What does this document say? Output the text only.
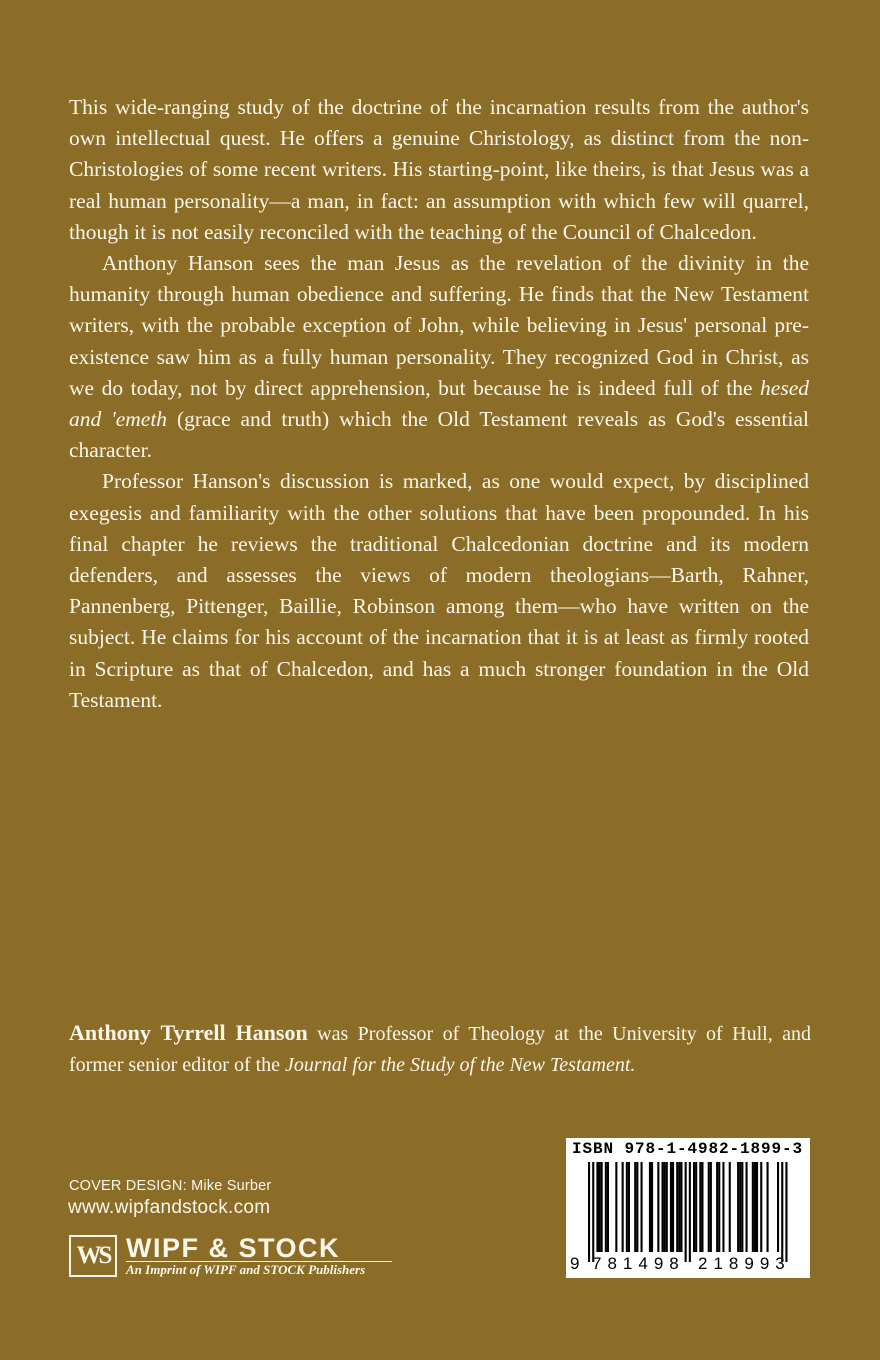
This wide-ranging study of the doctrine of the incarnation results from the author's own intellectual quest. He offers a genuine Christology, as distinct from the non-Christologies of some recent writers. His starting-point, like theirs, is that Jesus was a real human personality—a man, in fact: an assumption with which few will quarrel, though it is not easily reconciled with the teaching of the Council of Chalcedon.

Anthony Hanson sees the man Jesus as the revelation of the divinity in the humanity through human obedience and suffering. He finds that the New Testament writers, with the probable exception of John, while believing in Jesus' personal pre-existence saw him as a fully human personality. They recognized God in Christ, as we do today, not by direct apprehension, but because he is indeed full of the hesed and 'emeth (grace and truth) which the Old Testament reveals as God's essential character.

Professor Hanson's discussion is marked, as one would expect, by disciplined exegesis and familiarity with the other solutions that have been propounded. In his final chapter he reviews the traditional Chalcedonian doctrine and its modern defenders, and assesses the views of modern theologians—Barth, Rahner, Pannenberg, Pittenger, Baillie, Robinson among them—who have written on the subject. He claims for his account of the incarnation that it is at least as firmly rooted in Scripture as that of Chalcedon, and has a much stronger foundation in the Old Testament.

Anthony Tyrrell Hanson was Professor of Theology at the University of Hull, and former senior editor of the Journal for the Study of the New Testament.

COVER DESIGN: Mike Surber
www.wipfandstock.com
WS WIPF & STOCK
An Imprint of WIPF and STOCK Publishers
ISBN 978-1-4982-1899-3

9

781498

218993
